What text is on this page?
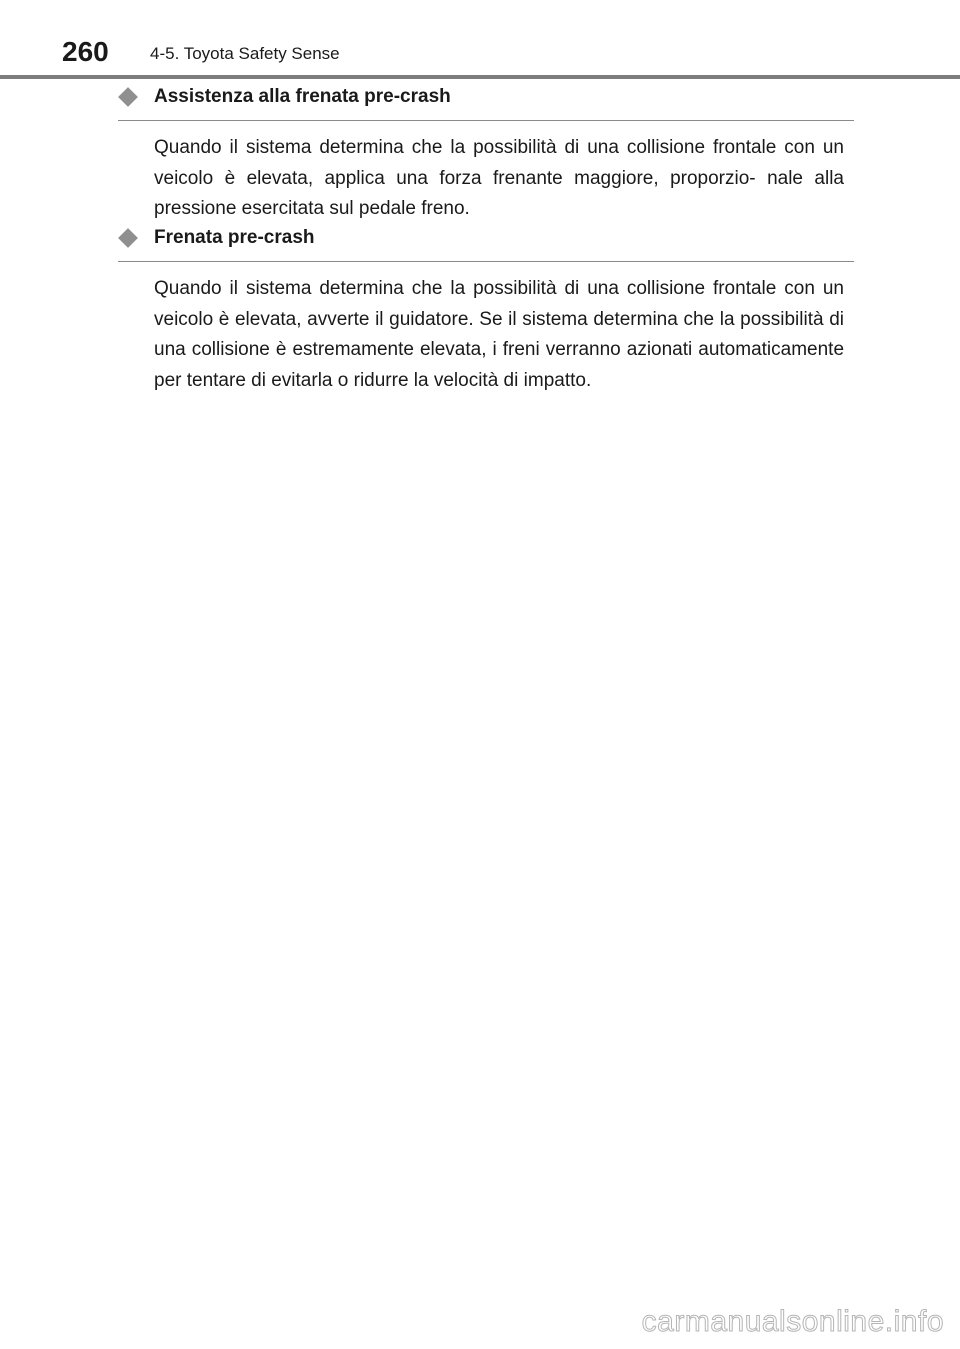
260 4-5. Toyota Safety Sense
Assistenza alla frenata pre-crash

Quando il sistema determina che la possibilità di una collisione frontale con un veicolo è elevata, applica una forza frenante maggiore, proporzio- nale alla pressione esercitata sul pedale freno.

Frenata pre-crash

Quando il sistema determina che la possibilità di una collisione frontale con un veicolo è elevata, avverte il guidatore. Se il sistema determina che la possibilità di una collisione è estremamente elevata, i freni verranno azionati automaticamente per tentare di evitarla o ridurre la velocità di impatto.

carmanualsonline.info
